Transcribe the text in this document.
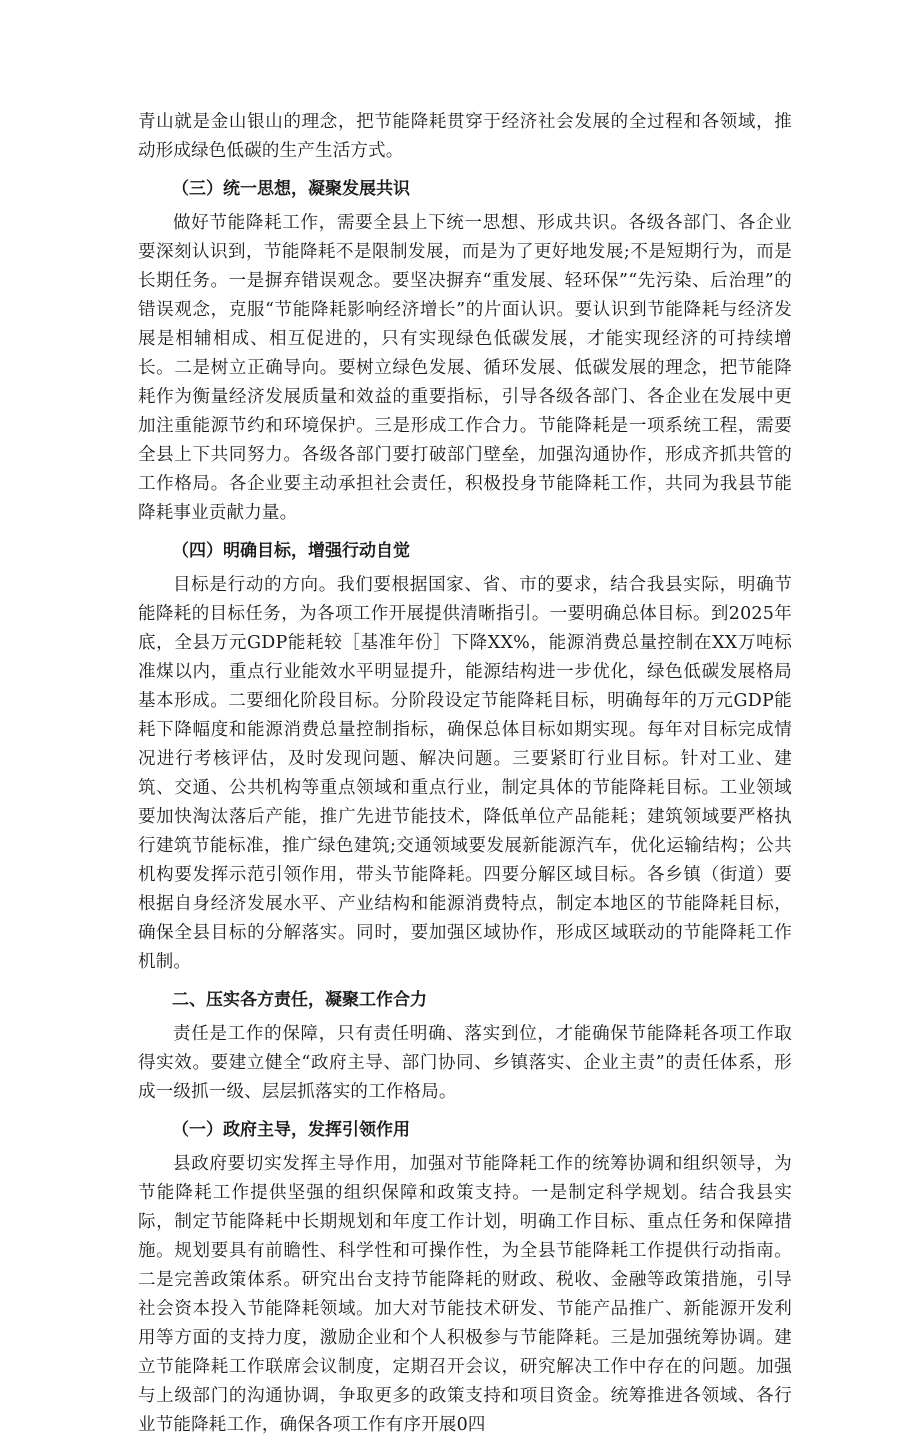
青山就是金山银山的理念，把节能降耗贯穿于经济社会发展的全过程和各领域，推动形成绿色低碳的生产生活方式。

（三）统一思想，凝聚发展共识

做好节能降耗工作，需要全县上下统一思想、形成共识。各级各部门、各企业要深刻认识到，节能降耗不是限制发展，而是为了更好地发展;不是短期行为，而是长期任务。一是摒弃错误观念。要坚决摒弃“重发展、轻环保”“先污染、后治理”的错误观念，克服“节能降耗影响经济增长”的片面认识。要认识到节能降耗与经济发展是相辅相成、相互促进的，只有实现绿色低碳发展，才能实现经济的可持续增长。二是树立正确导向。要树立绿色发展、循环发展、低碳发展的理念，把节能降耗作为衡量经济发展质量和效益的重要指标，引导各级各部门、各企业在发展中更加注重能源节约和环境保护。三是形成工作合力。节能降耗是一项系统工程，需要全县上下共同努力。各级各部门要打破部门壁垒，加强沟通协作，形成齐抓共管的工作格局。各企业要主动承担社会责任，积极投身节能降耗工作，共同为我县节能降耗事业贡献力量。

（四）明确目标，增强行动自觉

目标是行动的方向。我们要根据国家、省、市的要求，结合我县实际，明确节能降耗的目标任务，为各项工作开展提供清晰指引。一要明确总体目标。到2025年底，全县万元GDP能耗较［基准年份］下降XX%，能源消费总量控制在XX万吨标准煤以内，重点行业能效水平明显提升，能源结构进一步优化，绿色低碳发展格局基本形成。二要细化阶段目标。分阶段设定节能降耗目标，明确每年的万元GDP能耗下降幅度和能源消费总量控制指标，确保总体目标如期实现。每年对目标完成情况进行考核评估，及时发现问题、解决问题。三要紧盯行业目标。针对工业、建筑、交通、公共机构等重点领域和重点行业，制定具体的节能降耗目标。工业领域要加快淘汰落后产能，推广先进节能技术，降低单位产品能耗；建筑领域要严格执行建筑节能标准，推广绿色建筑;交通领域要发展新能源汽车，优化运输结构；公共机构要发挥示范引领作用，带头节能降耗。四要分解区域目标。各乡镇（街道）要根据自身经济发展水平、产业结构和能源消费特点，制定本地区的节能降耗目标，确保全县目标的分解落实。同时，要加强区域协作，形成区域联动的节能降耗工作机制。

二、压实各方责任，凝聚工作合力

责任是工作的保障，只有责任明确、落实到位，才能确保节能降耗各项工作取得实效。要建立健全“政府主导、部门协同、乡镇落实、企业主责”的责任体系，形成一级抓一级、层层抓落实的工作格局。

（一）政府主导，发挥引领作用

县政府要切实发挥主导作用，加强对节能降耗工作的统筹协调和组织领导，为节能降耗工作提供坚强的组织保障和政策支持。一是制定科学规划。结合我县实际，制定节能降耗中长期规划和年度工作计划，明确工作目标、重点任务和保障措施。规划要具有前瞻性、科学性和可操作性，为全县节能降耗工作提供行动指南。二是完善政策体系。研究出台支持节能降耗的财政、税收、金融等政策措施，引导社会资本投入节能降耗领域。加大对节能技术研发、节能产品推广、新能源开发利用等方面的支持力度，激励企业和个人积极参与节能降耗。三是加强统筹协调。建立节能降耗工作联席会议制度，定期召开会议，研究解决工作中存在的问题。加强与上级部门的沟通协调，争取更多的政策支持和项目资金。统筹推进各领域、各行业节能降耗工作，确保各项工作有序开展0四
